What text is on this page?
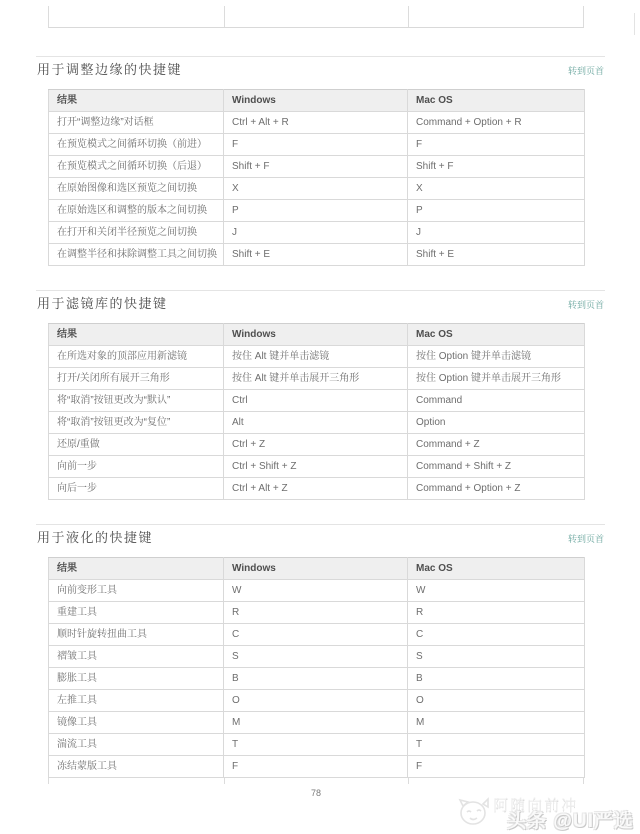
用于调整边缘的快捷键	转到页首
结果	Windows	Mac OS
打开“调整边缘”对话框	Ctrl + Alt + R	Command + Option + R
在预览模式之间循环切换（前进）	F	F
在预览模式之间循环切换（后退）	Shift + F	Shift + F
在原始图像和选区预览之间切换	X	X
在原始选区和调整的版本之间切换	P	P
在打开和关闭半径预览之间切换	J	J
在调整半径和抹除调整工具之间切换	Shift + E	Shift + E
用于滤镜库的快捷键	转到页首
结果	Windows	Mac OS
在所选对象的顶部应用新滤镜	按住 Alt 键并单击滤镜	按住 Option 键并单击滤镜
打开/关闭所有展开三角形	按住 Alt 键并单击展开三角形	按住 Option 键并单击展开三角形
将“取消”按钮更改为“默认”	Ctrl	Command
将“取消”按钮更改为“复位”	Alt	Option
还原/重做	Ctrl + Z	Command + Z
向前一步	Ctrl + Shift + Z	Command + Shift + Z
向后一步	Ctrl + Alt + Z	Command + Option + Z
用于液化的快捷键	转到页首
结果	Windows	Mac OS
向前变形工具	W	W
重建工具	R	R
顺时针旋转扭曲工具	C	C
褶皱工具	S	S
膨胀工具	B	B
左推工具	O	O
镜像工具	M	M
湍流工具	T	T
冻结蒙版工具	F	F
78
阿随向前冲
头条 @UI严选
